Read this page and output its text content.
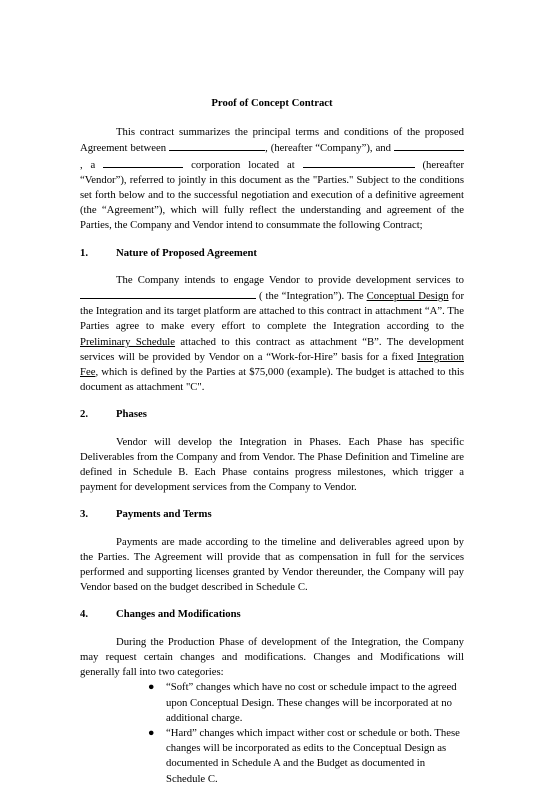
Proof of Concept Contract

This contract summarizes the principal terms and conditions of the proposed Agreement between	, (hereafter “Company”), and , a	corporation located at	(hereafter “Vendor”), referred to jointly in this document as the "Parties." Subject to the conditions set forth below and to the successful negotiation and execution of a definitive agreement (the “Agreement”), which will fully reflect the understanding and agreement of the Parties, the Company and Vendor intend to consummate the following Contract;

1.	Nature of Proposed Agreement

The Company intends to engage Vendor to provide development services to  ( the “Integration”). The Conceptual Design for the Integration and its target platform are attached to this contract in attachment “A”. The Parties agree to make every effort to complete the Integration according to the Preliminary Schedule attached to this contract as attachment “B”. The development services will be provided by Vendor on a “Work-for-Hire” basis for a fixed Integration Fee, which is defined by the Parties at $75,000 (example). The budget is attached to this document as attachment "C".

2.	Phases

Vendor will develop the Integration in Phases. Each Phase has specific Deliverables from the Company and from Vendor. The Phase Definition and Timeline are defined in Schedule B. Each Phase contains progress milestones, which trigger a payment for development services from the Company to Vendor.

3.	Payments and Terms

Payments are made according to the timeline and deliverables agreed upon by the Parties. The Agreement will provide that as compensation in full for the services performed and supporting licenses granted by Vendor thereunder, the Company will pay Vendor based on the budget described in Schedule C.

4.	Changes and Modifications

During the Production Phase of development of the Integration, the Company may request certain changes and modifications. Changes and Modifications will generally fall into two categories:

● “Soft” changes which have no cost or schedule impact to the agreed upon Conceptual Design. These changes will be incorporated at no additional charge.
● “Hard” changes which impact wither cost or schedule or both. These changes will be incorporated as edits to the Conceptual Design as documented in Schedule A and the Budget as documented in Schedule C.
